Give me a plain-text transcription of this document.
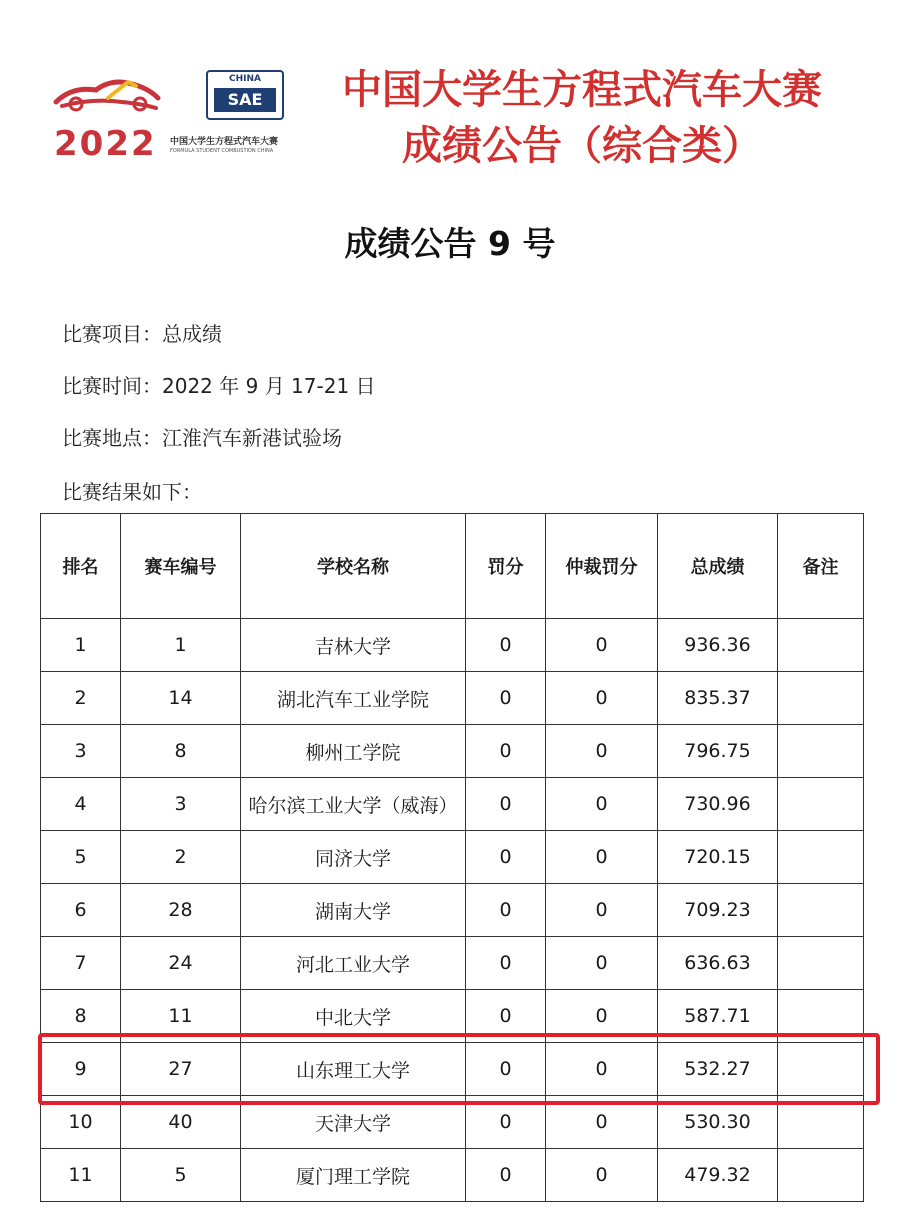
CHINA
SAE
2022 中国大学生方程式汽车大赛
FORMULA STUDENT COMBUSTION CHINA
中国大学生方程式汽车大赛
成绩公告（综合类）
成绩公告 9 号
比赛项目：总成绩
比赛时间：2022 年 9 月 17-21 日
比赛地点：江淮汽车新港试验场
比赛结果如下：
排名	赛车编号	学校名称	罚分	仲裁罚分	总成绩	备注
1	1	吉林大学	0	0	936.36	
2	14	湖北汽车工业学院	0	0	835.37	
3	8	柳州工学院	0	0	796.75	
4	3	哈尔滨工业大学（威海）	0	0	730.96	
5	2	同济大学	0	0	720.15	
6	28	湖南大学	0	0	709.23	
7	24	河北工业大学	0	0	636.63	
8	11	中北大学	0	0	587.71	
9	27	山东理工大学	0	0	532.27	
10	40	天津大学	0	0	530.30	
11	5	厦门理工学院	0	0	479.32	
